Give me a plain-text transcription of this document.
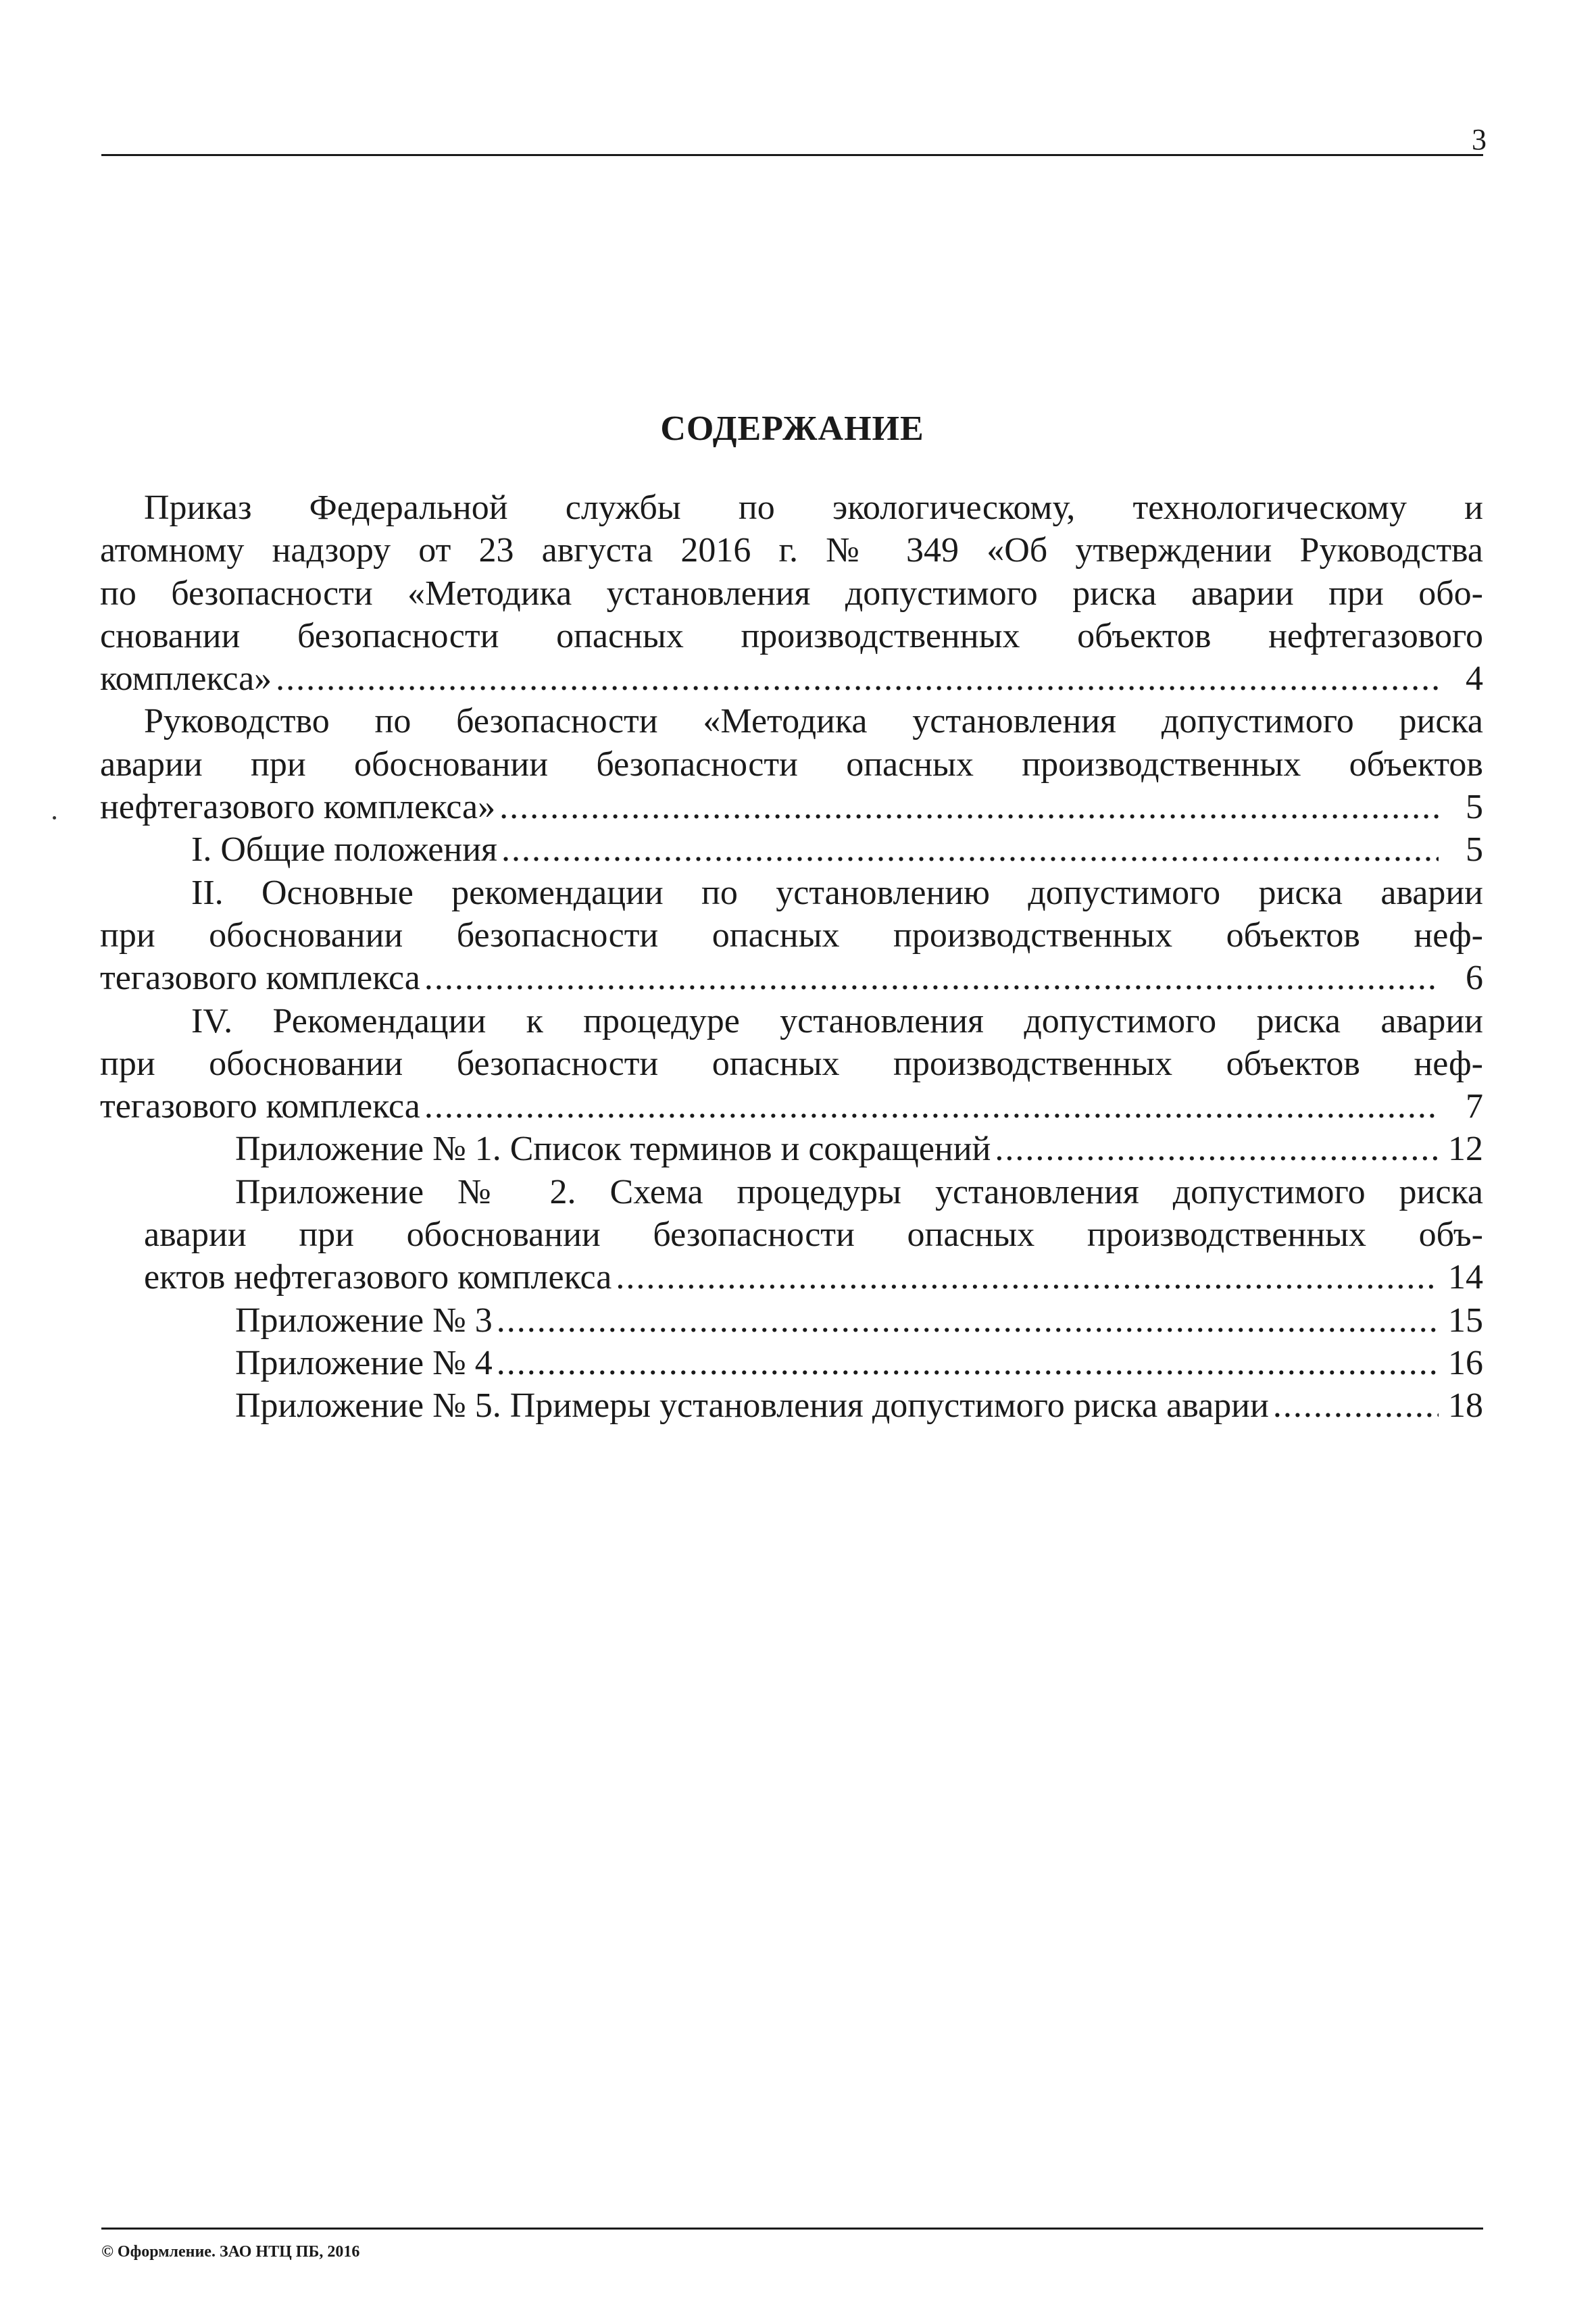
3
СОДЕРЖАНИЕ
Приказ Федеральной службы по экологическому, технологическому и
атомному надзору от 23 августа 2016 г. № 349 «Об утверждении Руководства
по безопасности «Методика установления допустимого риска аварии при обо-
сновании безопасности опасных производственных объектов нефтегазового
комплекса» .....	4
Руководство по безопасности «Методика установления допустимого риска
аварии при обосновании безопасности опасных производственных объектов
нефтегазового комплекса» .....	5
I. Общие положения .....	5
II. Основные рекомендации по установлению допустимого риска аварии
при обосновании безопасности опасных производственных объектов неф-
тегазового комплекса .....	6
IV. Рекомендации к процедуре установления допустимого риска аварии
при обосновании безопасности опасных производственных объектов неф-
тегазового комплекса .....	7
Приложение № 1. Список терминов и сокращений .....	12
Приложение № 2. Схема процедуры установления допустимого риска
аварии при обосновании безопасности опасных производственных объ-
ектов нефтегазового комплекса .....	14
Приложение № 3 .....	15
Приложение № 4 .....	16
Приложение № 5. Примеры установления допустимого риска аварии .....	18
© Оформление. ЗАО НТЦ ПБ, 2016
